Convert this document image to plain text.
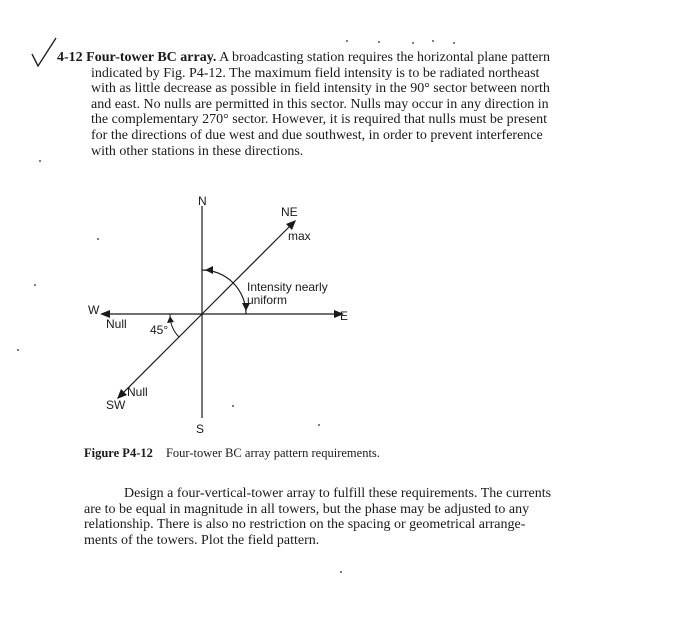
4-12 Four-tower BC array. A broadcasting station requires the horizontal plane pattern
indicated by Fig. P4-12. The maximum field intensity is to be radiated northeast
with as little decrease as possible in field intensity in the 90° sector between north
and east. No nulls are permitted in this sector. Nulls may occur in any direction in
the complementary 270° sector. However, it is required that nulls must be present
for the directions of due west and due southwest, in order to prevent interference
with other stations in these directions.
N
S
E
W
NE
SW
max
Intensity nearly
uniform
Null
Null
45°
Figure P4-12 Four-tower BC array pattern requirements.

Design a four-vertical-tower array to fulfill these requirements. The currents

are to be equal in magnitude in all towers, but the phase may be adjusted to any
relationship. There is also no restriction on the spacing or geometrical arrange-
ments of the towers. Plot the field pattern.
